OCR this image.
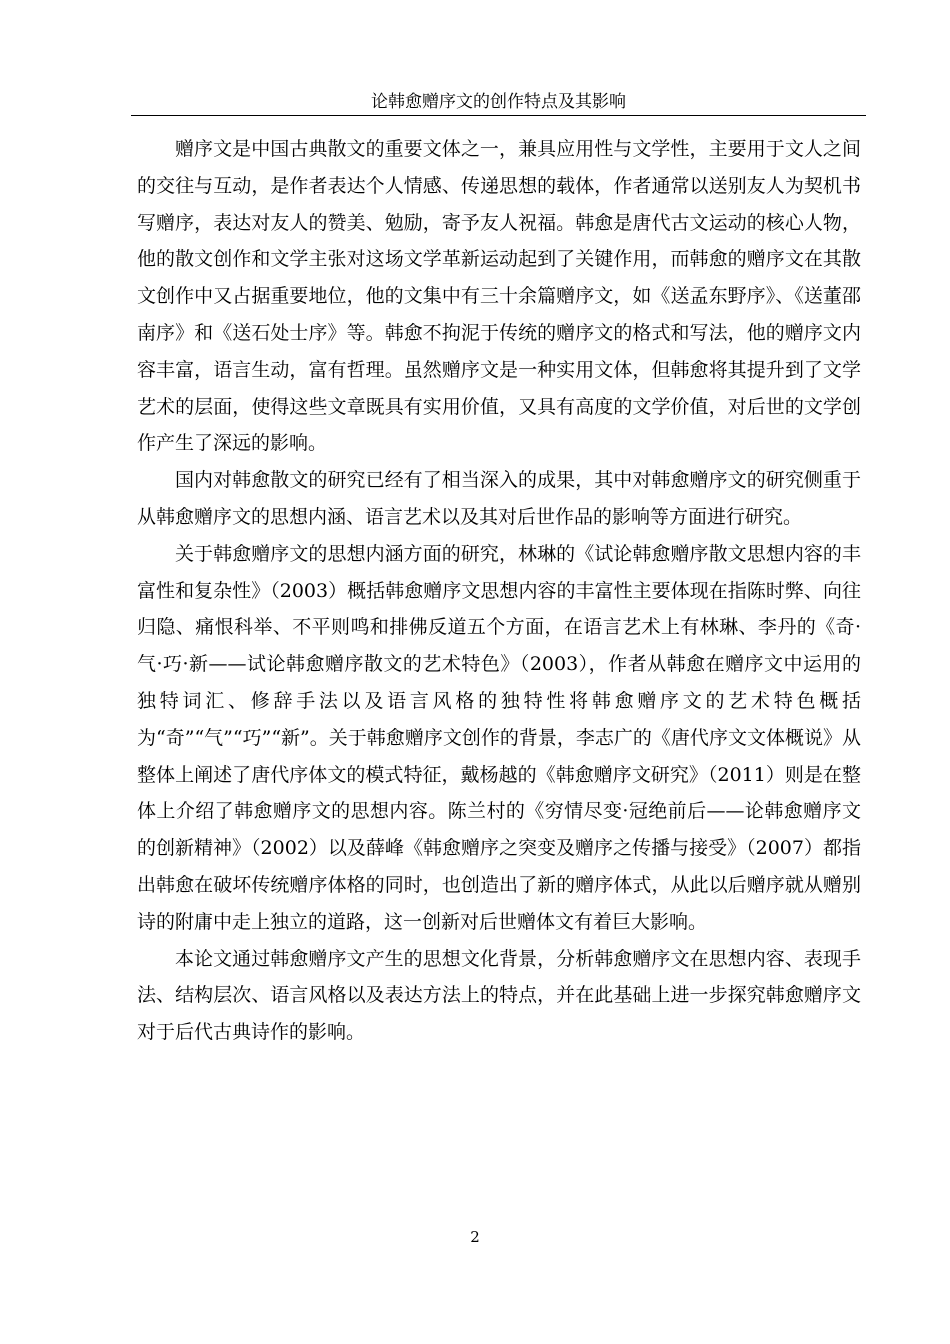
论韩愈赠序文的创作特点及其影响

赠序文是中国古典散文的重要文体之一，兼具应用性与文学性，主要用于文人之间的交往与互动，是作者表达个人情感、传递思想的载体，作者通常以送别友人为契机书写赠序，表达对友人的赞美、勉励，寄予友人祝福。韩愈是唐代古文运动的核心人物，他的散文创作和文学主张对这场文学革新运动起到了关键作用，而韩愈的赠序文在其散文创作中又占据重要地位，他的文集中有三十余篇赠序文，如《送孟东野序》、《送董邵南序》和《送石处士序》等。韩愈不拘泥于传统的赠序文的格式和写法，他的赠序文内容丰富，语言生动，富有哲理。虽然赠序文是一种实用文体，但韩愈将其提升到了文学艺术的层面，使得这些文章既具有实用价值，又具有高度的文学价值，对后世的文学创作产生了深远的影响。

国内对韩愈散文的研究已经有了相当深入的成果，其中对韩愈赠序文的研究侧重于从韩愈赠序文的思想内涵、语言艺术以及其对后世作品的影响等方面进行研究。

关于韩愈赠序文的思想内涵方面的研究，林琳的《试论韩愈赠序散文思想内容的丰富性和复杂性》（2003）概括韩愈赠序文思想内容的丰富性主要体现在指陈时弊、向往归隐、痛恨科举、不平则鸣和排佛反道五个方面，在语言艺术上有林琳、李丹的《奇·气·巧·新——试论韩愈赠序散文的艺术特色》（2003），作者从韩愈在赠序文中运用的独特词汇、修辞手法以及语言风格的独特性将韩愈赠序文的艺术特色概括为“奇”“气”“巧”“新”。关于韩愈赠序文创作的背景，李志广的《唐代序文文体概说》从整体上阐述了唐代序体文的模式特征，戴杨越的《韩愈赠序文研究》（2011）则是在整体上介绍了韩愈赠序文的思想内容。陈兰村的《穷情尽变·冠绝前后——论韩愈赠序文的创新精神》（2002）以及薛峰《韩愈赠序之突变及赠序之传播与接受》（2007）都指出韩愈在破坏传统赠序体格的同时，也创造出了新的赠序体式，从此以后赠序就从赠别诗的附庸中走上独立的道路，这一创新对后世赠体文有着巨大影响。

本论文通过韩愈赠序文产生的思想文化背景，分析韩愈赠序文在思想内容、表现手法、结构层次、语言风格以及表达方法上的特点，并在此基础上进一步探究韩愈赠序文对于后代古典诗作的影响。

2
